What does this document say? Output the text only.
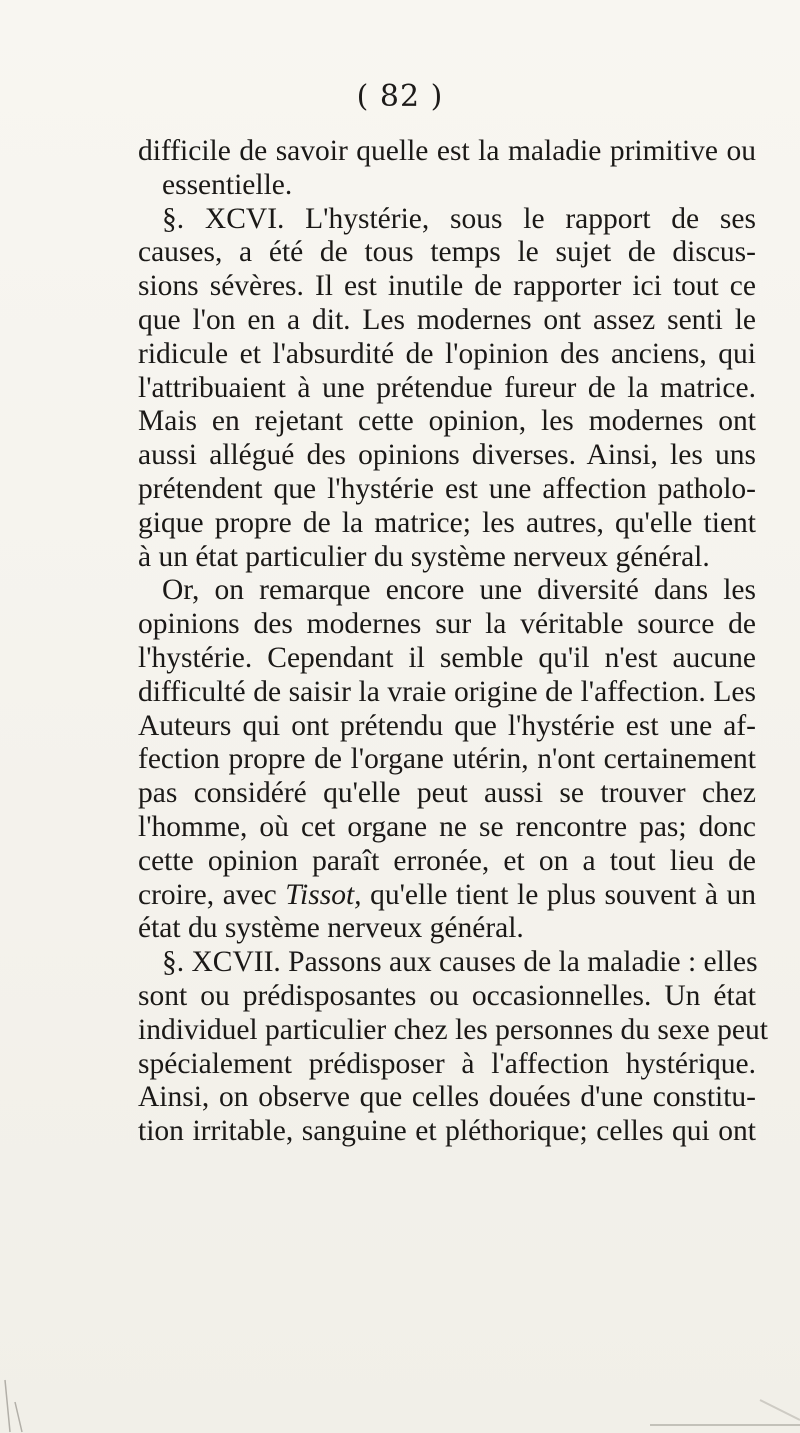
( 82 )
difficile de savoir quelle est la maladie primitive ou
essentielle.
§. XCVI. L'hystérie, sous le rapport de ses
causes, a été de tous temps le sujet de discus-
sions sévères. Il est inutile de rapporter ici tout ce
que l'on en a dit. Les modernes ont assez senti le
ridicule et l'absurdité de l'opinion des anciens, qui
l'attribuaient à une prétendue fureur de la matrice.
Mais en rejetant cette opinion, les modernes ont
aussi allégué des opinions diverses. Ainsi, les uns
prétendent que l'hystérie est une affection patholo-
gique propre de la matrice; les autres, qu'elle tient
à un état particulier du système nerveux général.
Or, on remarque encore une diversité dans les
opinions des modernes sur la véritable source de
l'hystérie. Cependant il semble qu'il n'est aucune
difficulté de saisir la vraie origine de l'affection. Les
Auteurs qui ont prétendu que l'hystérie est une af-
fection propre de l'organe utérin, n'ont certainement
pas considéré qu'elle peut aussi se trouver chez
l'homme, où cet organe ne se rencontre pas; donc
cette opinion paraît erronée, et on a tout lieu de
croire, avec Tissot, qu'elle tient le plus souvent à un
état du système nerveux général.
§. XCVII. Passons aux causes de la maladie : elles
sont ou prédisposantes ou occasionnelles. Un état
individuel particulier chez les personnes du sexe peut
spécialement prédisposer à l'affection hystérique.
Ainsi, on observe que celles douées d'une constitu-
tion irritable, sanguine et pléthorique; celles qui ont
